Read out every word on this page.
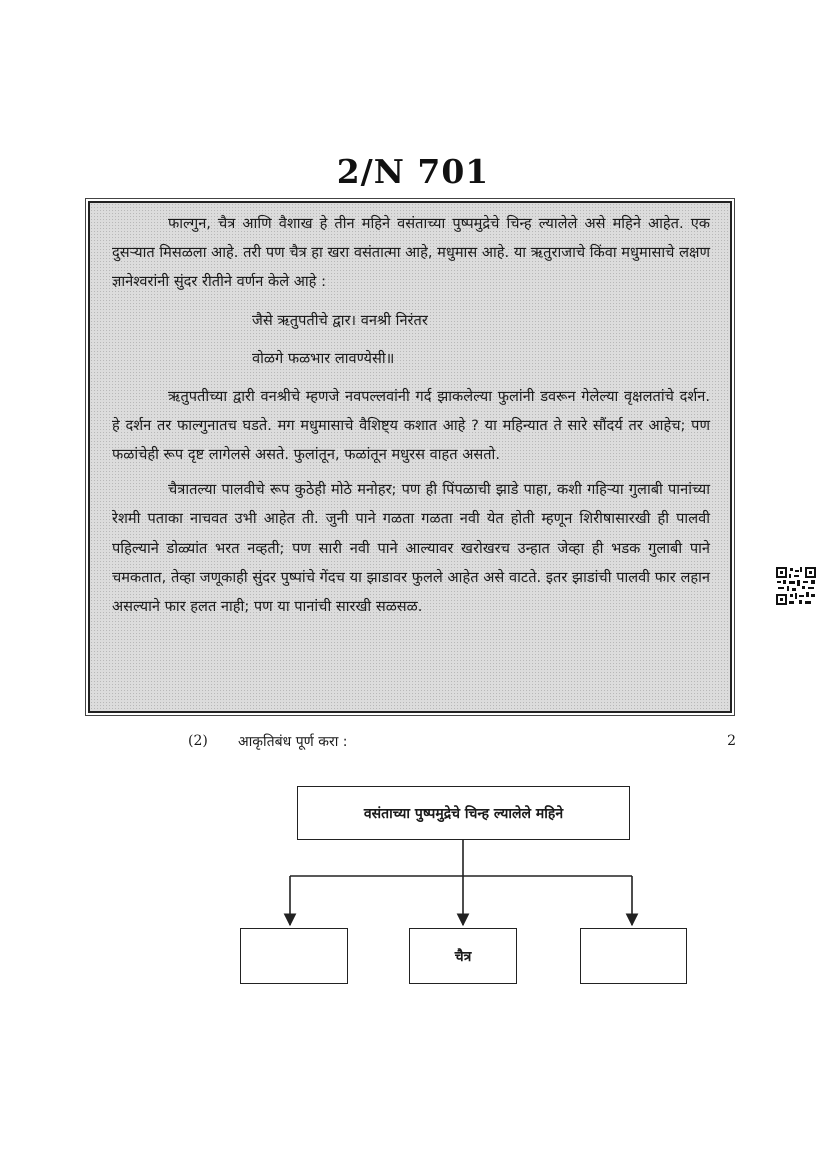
2/N 701

फाल्गुन, चैत्र आणि वैशाख हे तीन महिने वसंताच्या पुष्पमुद्रेचे चिन्ह ल्यालेले असे महिने आहेत. एक दुसऱ्यात मिसळला आहे. तरी पण चैत्र हा खरा वसंतात्मा आहे, मधुमास आहे. या ऋतुराजाचे किंवा मधुमासाचे लक्षण ज्ञानेश्वरांनी सुंदर रीतीने वर्णन केले आहे :

जैसे ऋतुपतीचे द्वार। वनश्री निरंतर

वोळगे फळभार लावण्येसी॥

ऋतुपतीच्या द्वारी वनश्रीचे म्हणजे नवपल्लवांनी गर्द झाकलेल्या फुलांनी डवरून गेलेल्या वृक्षलतांचे दर्शन. हे दर्शन तर फाल्गुनातच घडते. मग मधुमासाचे वैशिष्ट्य कशात आहे ? या महिन्यात ते सारे सौंदर्य तर आहेच; पण फळांचेही रूप दृष्ट लागेलसे असते. फुलांतून, फळांतून मधुरस वाहत असतो.

चैत्रातल्या पालवीचे रूप कुठेही मोठे मनोहर; पण ही पिंपळाची झाडे पाहा, कशी गहिऱ्या गुलाबी पानांच्या रेशमी पताका नाचवत उभी आहेत ती. जुनी पाने गळता गळता नवी येत होती म्हणून शिरीषासारखी ही पालवी पहिल्याने डोळ्यांत भरत नव्हती; पण सारी नवी पाने आल्यावर खरोखरच उन्हात जेव्हा ही भडक गुलाबी पाने चमकतात, तेव्हा जणूकाही सुंदर पुष्पांचे गेंदच या झाडावर फुलले आहेत असे वाटते. इतर झाडांची पालवी फार लहान असल्याने फार हलत नाही; पण या पानांची सारखी सळसळ.

(2) आकृतिबंध पूर्ण करा :	2
वसंताच्या पुष्पमुद्रेचे चिन्ह ल्यालेले महिने
चैत्र
